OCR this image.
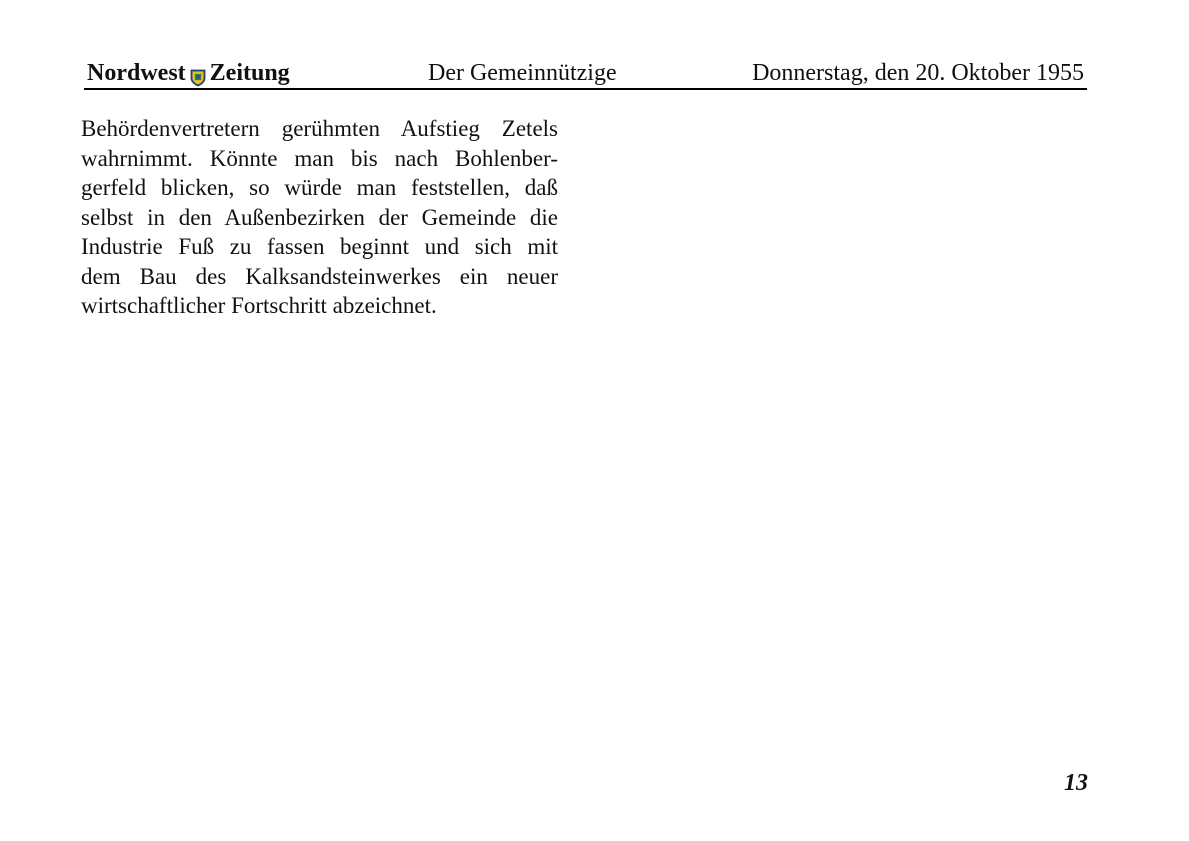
Nordwest Zeitung	Der Gemeinnützige	Donnerstag, den 20. Oktober 1955
Behördenvertretern gerühmten Aufstieg Zetels
wahrnimmt. Könnte man bis nach Bohlenber-
gerfeld blicken, so würde man feststellen, daß
selbst in den Außenbezirken der Gemeinde die
Industrie Fuß zu fassen beginnt und sich mit
dem Bau des Kalksandsteinwerkes ein neuer
wirtschaftlicher Fortschritt abzeichnet.
13
